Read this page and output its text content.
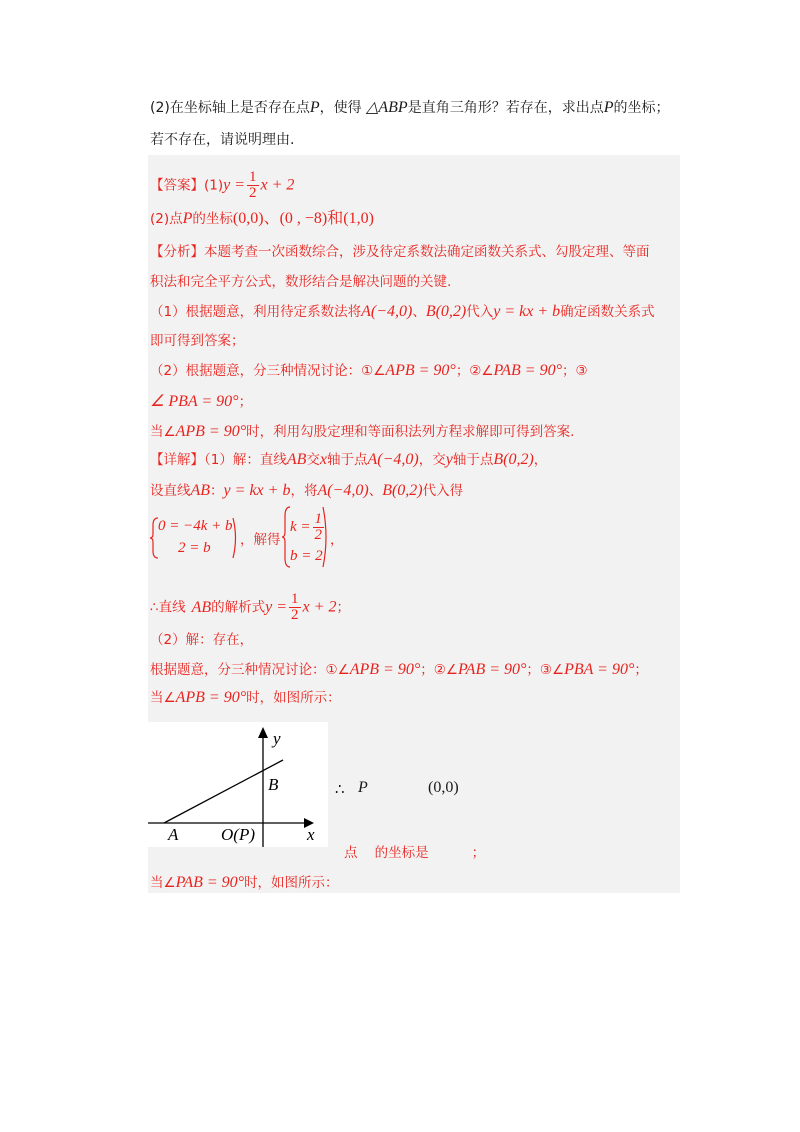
(2)在坐标轴上是否存在点P，使得 △ABP是直角三角形？若存在，求出点P的坐标；
若不存在，请说明理由.
【答案】$(1)y = \frac{1}{2}$ x + 2
(2)点P的坐标(0,0)、(0 , −8)和(1,0)
【分析】本题考查一次函数综合，涉及待定系数法确定函数关系式、勾股定理、等面
积法和完全平方公式，数形结合是解决问题的关键.
（1）根据题意，利用待定系数法将A(−4,0)、B(0,2)代入y = kx + b确定函数关系式
即可得到答案；
（2）根据题意，分三种情况讨论：①∠APB = 90°；②∠PAB = 90°；③
∠ PBA = 90°；
当∠APB = 90°时，利用勾股定理和等面积法列方程求解即可得到答案.
【详解】（1）解：直线AB交x轴于点A(−4,0)，交y轴于点B(0,2)，
设直线AB：y = kx + b，将A(−4,0)、B(0,2)代入得
0 = −4k + b
2 = b ，解得
$k = \frac{1}{2}$
b = 2
，
∴直线 AB的解析式$y = \frac{1}{2}$ x + 2；
（2）解：存在，
根据题意，分三种情况讨论：①∠APB = 90°；②∠PAB = 90°；③∠PBA = 90°；
当∠APB = 90°时，如图所示：
y
x
B
A	O(P)
∴ P	(0,0)
点    的坐标是          ；
当∠PAB = 90°时，如图所示：
